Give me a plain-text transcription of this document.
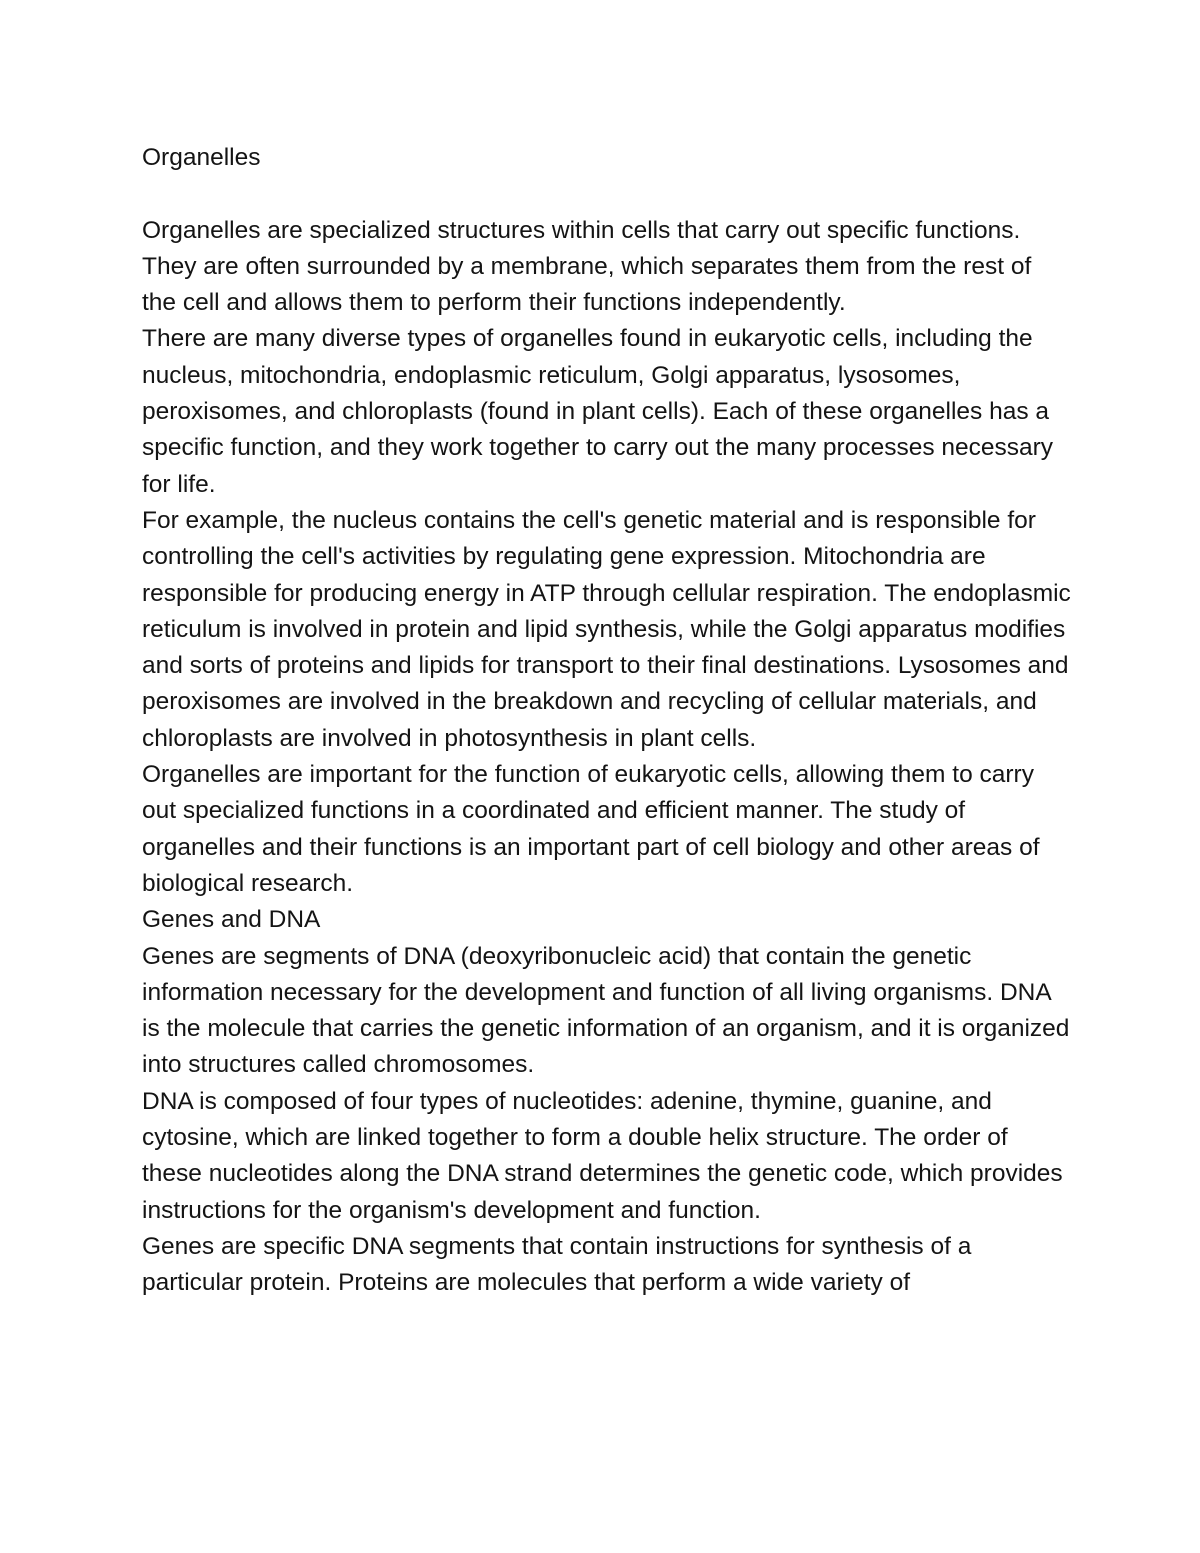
Organelles

Organelles are specialized structures within cells that carry out specific functions. They are often surrounded by a membrane, which separates them from the rest of the cell and allows them to perform their functions independently.

There are many diverse types of organelles found in eukaryotic cells, including the nucleus, mitochondria, endoplasmic reticulum, Golgi apparatus, lysosomes, peroxisomes, and chloroplasts (found in plant cells). Each of these organelles has a specific function, and they work together to carry out the many processes necessary for life.

For example, the nucleus contains the cell's genetic material and is responsible for controlling the cell's activities by regulating gene expression. Mitochondria are responsible for producing energy in ATP through cellular respiration. The endoplasmic reticulum is involved in protein and lipid synthesis, while the Golgi apparatus modifies and sorts of proteins and lipids for transport to their final destinations. Lysosomes and peroxisomes are involved in the breakdown and recycling of cellular materials, and chloroplasts are involved in photosynthesis in plant cells.

Organelles are important for the function of eukaryotic cells, allowing them to carry out specialized functions in a coordinated and efficient manner. The study of organelles and their functions is an important part of cell biology and other areas of biological research.

Genes and DNA

Genes are segments of DNA (deoxyribonucleic acid) that contain the genetic information necessary for the development and function of all living organisms. DNA is the molecule that carries the genetic information of an organism, and it is organized into structures called chromosomes.

DNA is composed of four types of nucleotides: adenine, thymine, guanine, and cytosine, which are linked together to form a double helix structure. The order of these nucleotides along the DNA strand determines the genetic code, which provides instructions for the organism's development and function.

Genes are specific DNA segments that contain instructions for synthesis of a particular protein. Proteins are molecules that perform a wide variety of
